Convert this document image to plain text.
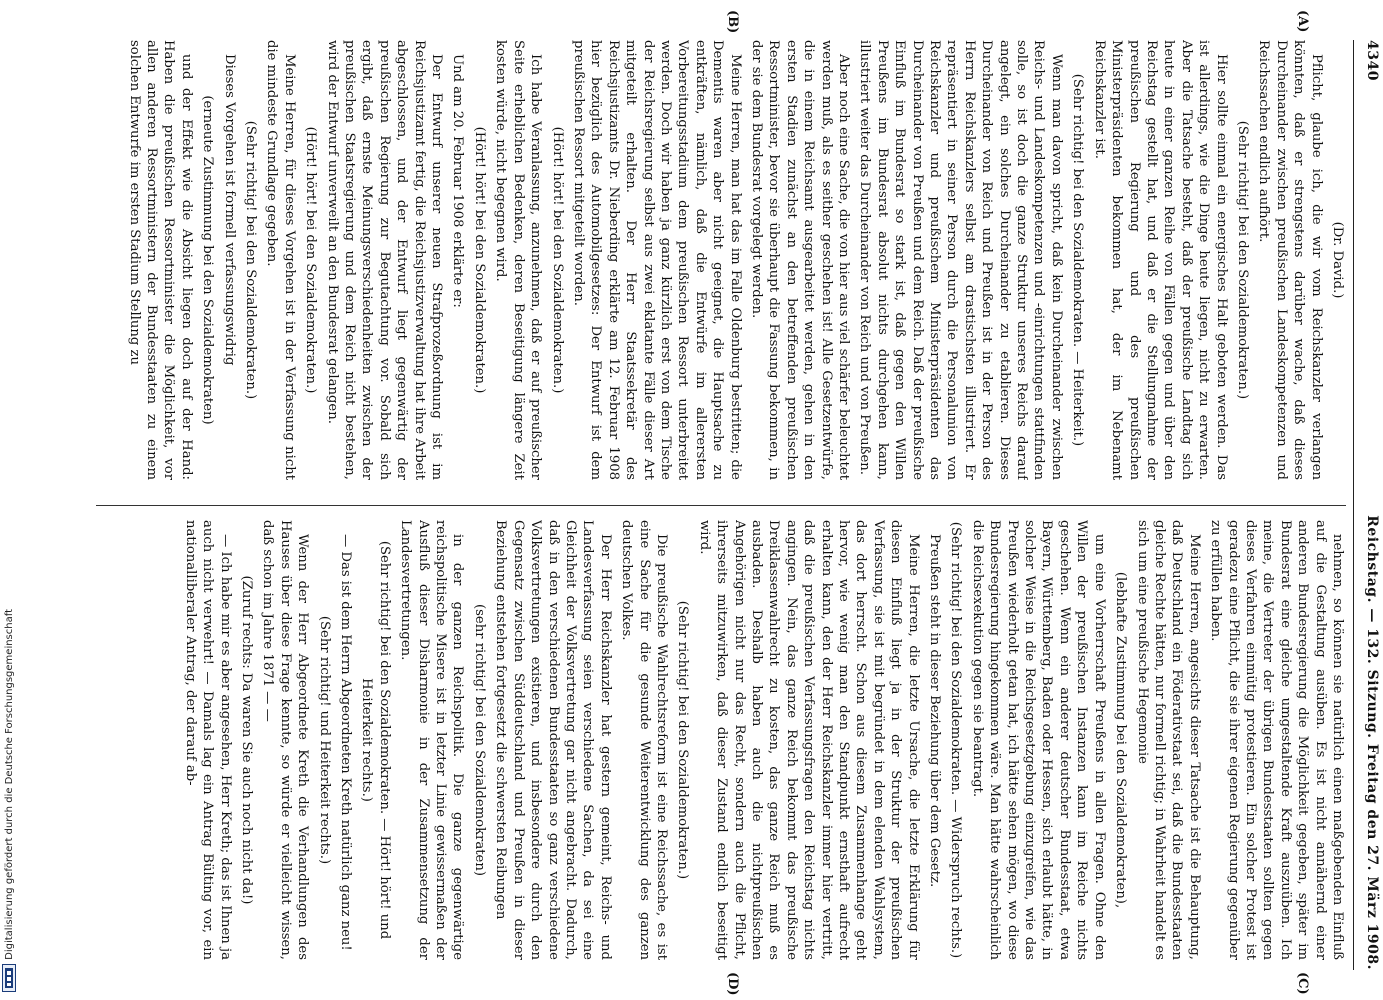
Reichstag. — 132. Sitzung. Freitag den 27. März 1908.
4340

(Dr. David.)

Pflicht, glaube ich, die wir vom Reichskanzler verlangen könnten, daß er strengstens darüber wache, daß dieses Durcheinander zwischen preußischen Landeskompetenzen und Reichssachen endlich aufhört.

(Sehr richtig! bei den Sozialdemokraten.)

Hier sollte einmal ein energisches Halt geboten werden. Das ist allerdings, wie die Dinge heute liegen, nicht zu erwarten. Aber die Tatsache besteht, daß der preußische Landtag sich heute in einer ganzen Reihe von Fällen gegen und über den Reichstag gestellt hat, und daß er die Stellungnahme der preußischen Regierung und des preußischen Ministerpräsidenten bekommen hat, der im Nebenamt Reichskanzler ist.

(Sehr richtig! bei den Sozialdemokraten. — Heiterkeit.)

Wenn man davon spricht, daß kein Durcheinander zwischen Reichs- und Landeskompetenzen und -einrichtungen stattfinden solle, so ist doch die ganze Struktur unseres Reichs darauf angelegt, ein solches Durcheinander zu etablieren. Dieses Durcheinander von Reich und Preußen ist in der Person des Herrn Reichskanzlers selbst am drastischsten illustriert. Er repräsentiert in seiner Person durch die Personalunion von Reichskanzler und preußischem Ministerpräsidenten das Durcheinander von Preußen und dem Reich. Daß der preußische Einfluß im Bundesrat so stark ist, daß gegen den Willen Preußens im Bundesrat absolut nichts durchgehen kann, illustriert weiter das Durcheinander von Reich und von Preußen.

Aber noch eine Sache, die von hier aus viel schärfer beleuchtet werden muß, als es seither geschehen ist! Alle Gesetzentwürfe, die in einem Reichsamt ausgearbeitet werden, gehen in den ersten Stadien zunächst an den betreffenden preußischen Ressortminister, bevor sie überhaupt die Fassung bekommen, in der sie dem Bundesrat vorgelegt werden.

Meine Herren, man hat das im Falle Oldenburg bestritten; die Dementis waren aber nicht geeignet, die Hauptsache zu entkräften, nämlich, daß die Entwürfe im allerersten Vorbereitungsstadium dem preußischen Ressort unterbreitet werden. Doch wir haben ja ganz kürzlich erst von dem Tische der Reichsregierung selbst aus zwei eklatante Fälle dieser Art mitgeteilt erhalten. Der Herr Staatssekretär des Reichsjustizamts Dr. Nieberding erklärte am 12. Februar 1908 hier bezüglich des Automobilgesetzes: Der Entwurf ist dem preußischen Ressort mitgeteilt worden.

(Hört! hört! bei den Sozialdemokraten.)

Ich habe Veranlassung, anzunehmen, daß er auf preußischer Seite erheblichen Bedenken, deren Beseitigung längere Zeit kosten würde, nicht begegnen wird.

(Hört! hört! bei den Sozialdemokraten.)

Und am 20. Februar 1908 erklärte er:

Der Entwurf unserer neuen Strafprozeßordnung ist im Reichsjustizamt fertig, die Reichsjustizverwaltung hat ihre Arbeit abgeschlossen, und der Entwurf liegt gegenwärtig der preußischen Regierung zur Begutachtung vor. Sobald sich ergibt, daß ernste Meinungsverschiedenheiten zwischen der preußischen Staatsregierung und dem Reich nicht bestehen, wird der Entwurf unverweilt an den Bundesrat gelangen.

(Hört! hört! bei den Sozialdemokraten.)

Meine Herren, für dieses Vorgehen ist in der Verfassung nicht die mindeste Grundlage gegeben.

(Sehr richtig! bei den Sozialdemokraten.)

Dieses Vorgehen ist formell verfassungswidrig

(erneute Zustimmung bei den Sozialdemokraten)

und der Effekt wie die Absicht liegen doch auf der Hand: Haben die preußischen Ressortminister die Möglichkeit, vor allen anderen Ressortministern der Bundesstaaten zu einem solchen Entwurfe im ersten Stadium Stellung zu

nehmen, so können sie natürlich einen maßgebenden Einfluß auf die Gestaltung ausüben. Es ist nicht annähernd einer anderen Bundesregierung die Möglichkeit gegeben, später im Bundesrat eine gleiche umgestaltende Kraft auszuüben. Ich meine, die Vertreter der übrigen Bundesstaaten sollten gegen dieses Verfahren einmütig protestieren. Ein solcher Protest ist geradezu eine Pflicht, die sie ihrer eigenen Regierung gegenüber zu erfüllen haben.

Meine Herren, angesichts dieser Tatsache ist die Behauptung, daß Deutschland ein Föderativstaat sei, daß die Bundesstaaten gleiche Rechte hätten, nur formell richtig; in Wahrheit handelt es sich um eine preußische Hegemonie

(lebhafte Zustimmung bei den Sozialdemokraten),

um eine Vorherrschaft Preußens in allen Fragen. Ohne den Willen der preußischen Instanzen kann im Reiche nichts geschehen. Wenn ein anderer deutscher Bundesstaat, etwa Bayern, Württemberg, Baden oder Hessen, sich erlaubt hätte, in solcher Weise in die Reichsgesetzgebung einzugreifen, wie das Preußen wiederholt getan hat, ich hätte sehen mögen, wo diese Bundesregierung hingekommen wäre. Man hätte wahrscheinlich die Reichsexekution gegen sie beantragt.

(Sehr richtig! bei den Sozialdemokraten. — Widerspruch rechts.)

Preußen steht in dieser Beziehung über dem Gesetz.

Meine Herren, die letzte Ursache, die letzte Erklärung für diesen Einfluß liegt ja in der Struktur der preußischen Verfassung, sie ist mit begründet in dem elenden Wahlsystem, das dort herrscht. Schon aus diesem Zusammenhange geht hervor, wie wenig man den Standpunkt ernsthaft aufrecht erhalten kann, den der Herr Reichskanzler immer hier vertritt, daß die preußischen Verfassungsfragen den Reichstag nichts angingen. Nein, das ganze Reich bekommt das preußische Dreiklassenwahlrecht zu kosten, das ganze Reich muß es ausbaden. Deshalb haben auch die nichtpreußischen Angehörigen nicht nur das Recht, sondern auch die Pflicht, ihrerseits mitzuwirken, daß dieser Zustand endlich beseitigt wird.

(Sehr richtig! bei den Sozialdemokraten.)

Die preußische Wahlrechtsreform ist eine Reichssache, es ist eine Sache für die gesunde Weiterentwicklung des ganzen deutschen Volkes.

Der Herr Reichskanzler hat gestern gemeint, Reichs- und Landesverfassung seien verschiedene Sachen, da sei eine Gleichheit der Volksvertretung gar nicht angebracht. Dadurch, daß in den verschiedenen Bundesstaaten so ganz verschiedene Volksvertretungen existieren, und insbesondere durch den Gegensatz zwischen Süddeutschland und Preußen in dieser Beziehung entstehen fortgesetzt die schwersten Reibungen

(sehr richtig! bei den Sozialdemokraten)

in der ganzen Reichspolitik. Die ganze gegenwärtige reichspolitische Misere ist in letzter Linie gewissermaßen der Ausfluß dieser Disharmonie in der Zusammensetzung der Landesvertretungen.

(Sehr richtig! bei den Sozialdemokraten. — Hört! hört! und Heiterkeit rechts.)

— Das ist dem Herrn Abgeordneten Kreth natürlich ganz neu!

(Sehr richtig! und Heiterkeit rechts.)

Wenn der Herr Abgeordnete Kreth die Verhandlungen des Hauses über diese Frage kennte, so würde er vielleicht wissen, daß schon im Jahre 1871 — —

(Zuruf rechts: Da waren Sie auch noch nicht da!)

— Ich habe mir es aber angesehen, Herr Kreth; das ist Ihnen ja auch nicht verwehrt! — Damals lag ein Antrag Bülting vor, ein nationalliberaler Antrag, der darauf ab-

(A)
(B)
(C)
(D)
Digitalisierung gefördert durch die Deutsche Forschungsgemeinschaft
